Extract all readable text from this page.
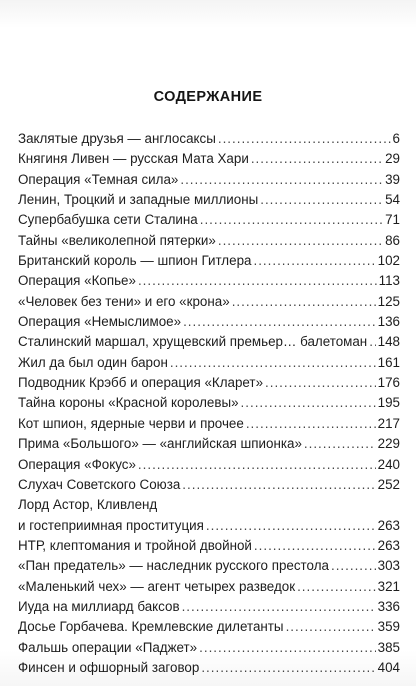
СОДЕРЖАНИЕ
Заклятые друзья — англосаксы .....	6
Княгиня Ливен — русская Мата Хари .....	29
Операция «Темная сила» .....	39
Ленин, Троцкий и западные миллионы .....	54
Супербабушка сети Сталина .....	71
Тайны «великолепной пятерки» .....	86
Британский король — шпион Гитлера .....	102
Операция «Копье» .....	113
«Человек без тени» и его «крона» .....	125
Операция «Немыслимое» .....	136
Сталинский маршал, хрущевский премьер… балетоман ..... 148
Жил да был один барон .....	161
Подводник Крэбб и операция «Кларет» .....	176
Тайна короны «Красной королевы» .....	195
Кот шпион, ядерные черви и прочее .....	217
Прима «Большого» — «английская шпионка» .....	229
Операция «Фокус» .....	240
Слухач Советского Союза .....	252
Лорд Астор, Кливленд
и гостеприимная проституция .....	263
НТР, клептомания и тройной двойной .....	263
«Пан предатель» — наследник русского престола .....	303
«Маленький чех» — агент четырех разведок .....	321
Иуда на миллиард баксов .....	336
Досье Горбачева. Кремлевские дилетанты .....	359
Фальшь операции «Паджет» .....	385
Финсен и офшорный заговор .....	404
